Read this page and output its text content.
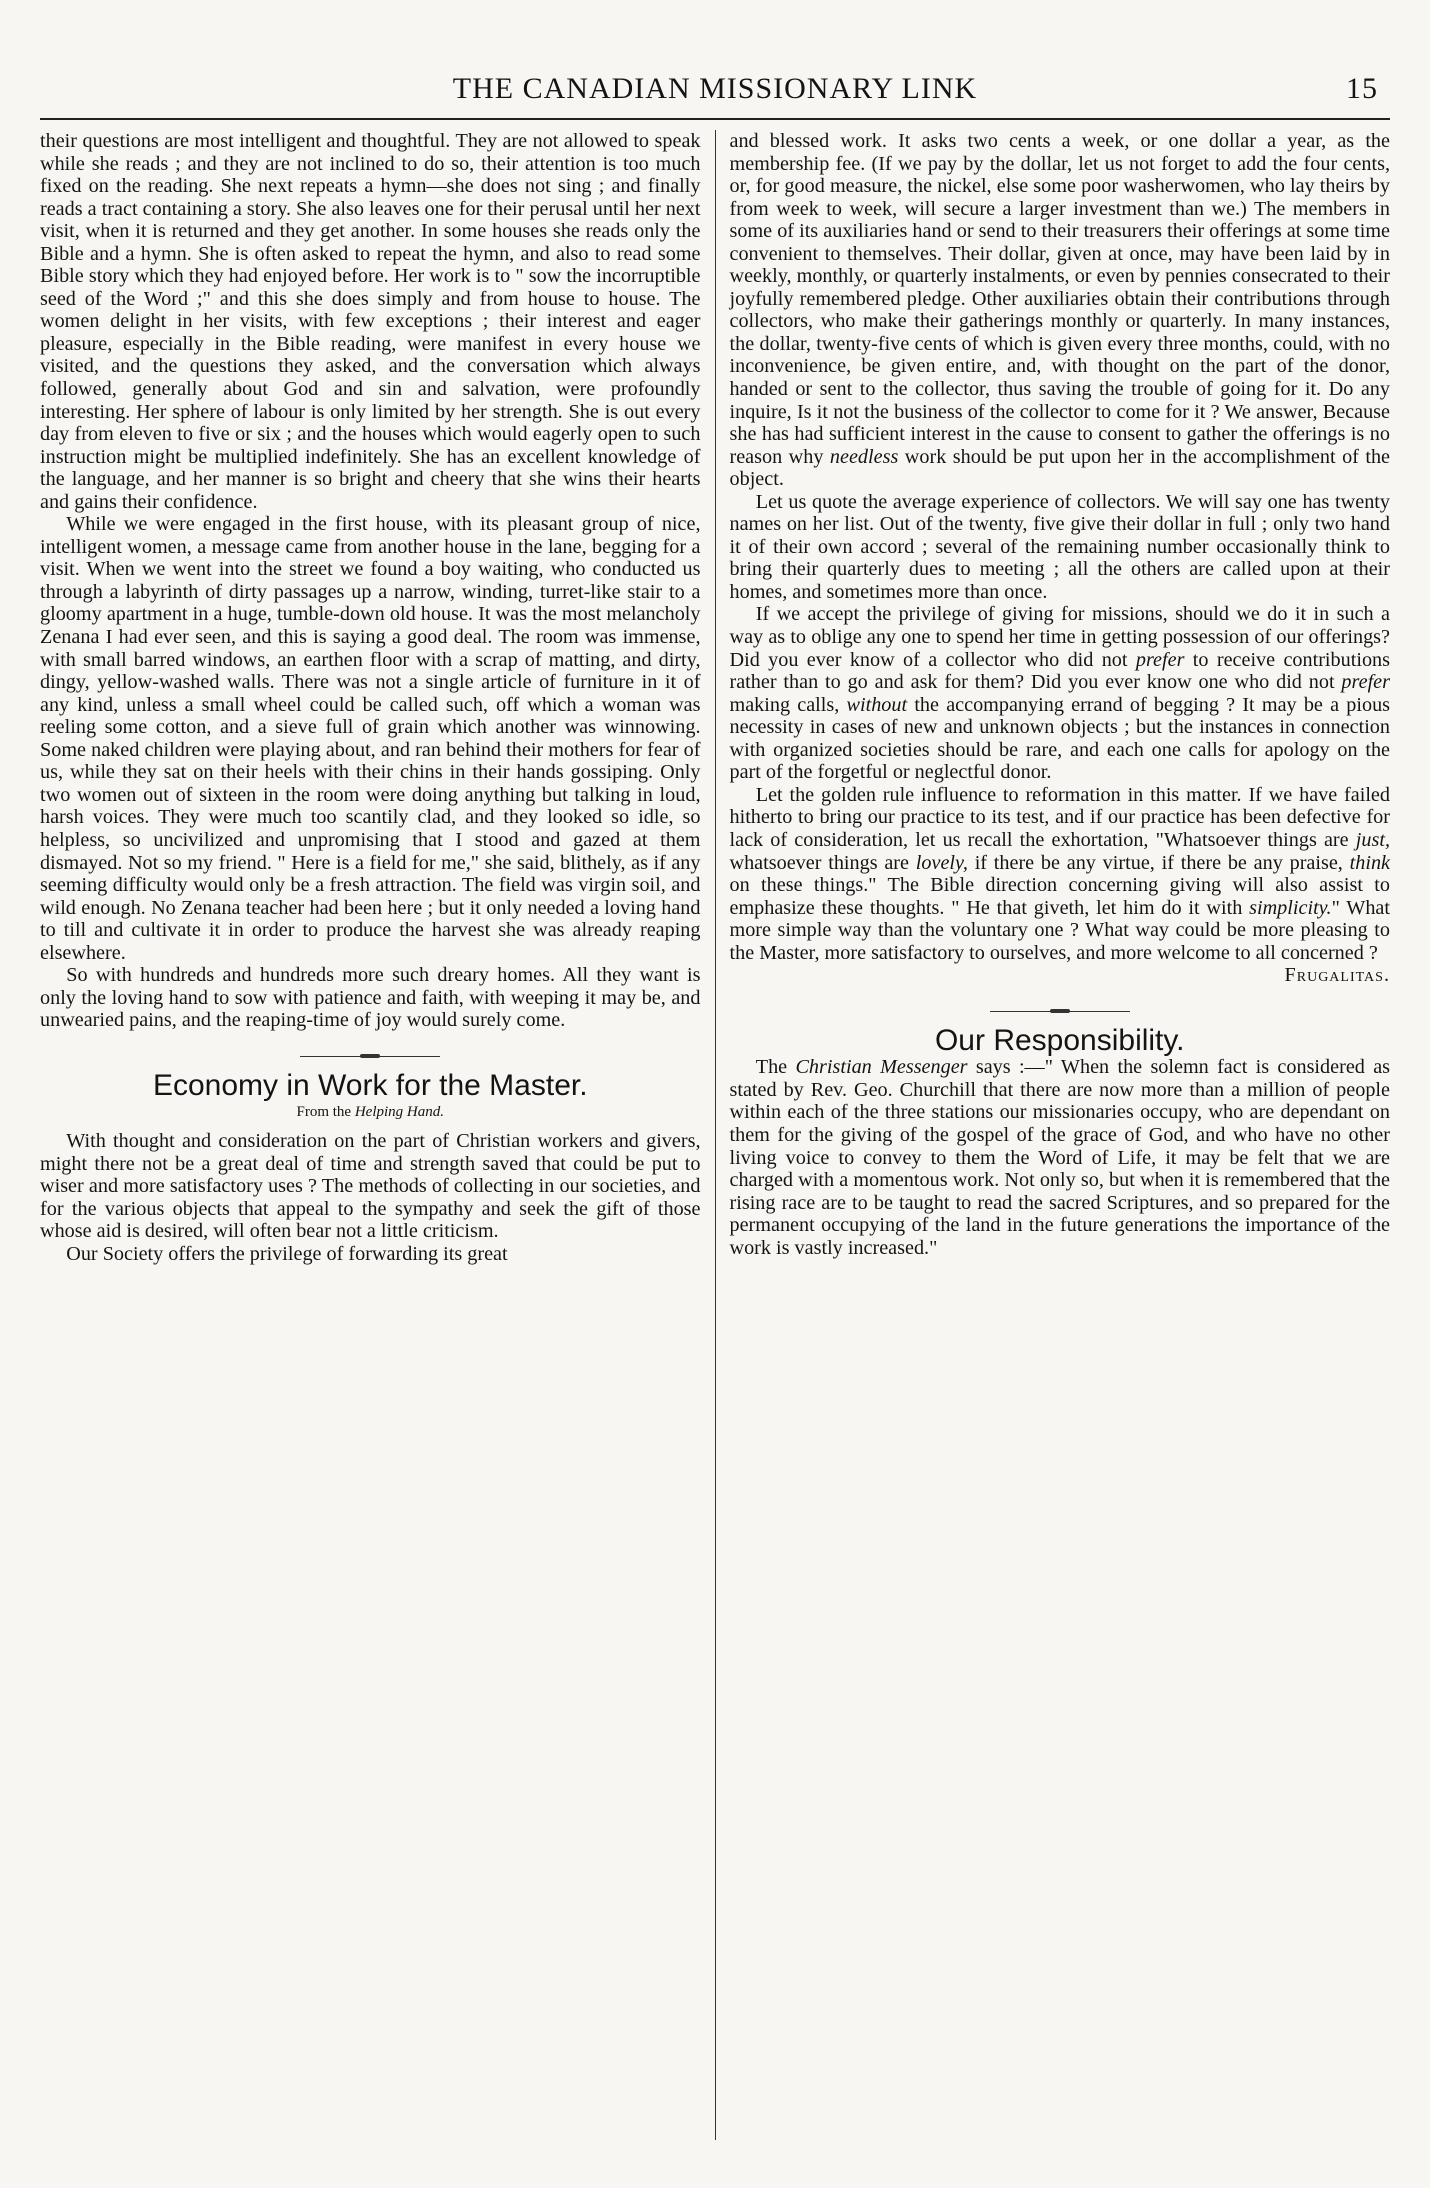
THE CANADIAN MISSIONARY LINK	15

their questions are most intelligent and thoughtful. They are not allowed to speak while she reads ; and they are not inclined to do so, their attention is too much fixed on the reading. She next repeats a hymn—she does not sing ; and finally reads a tract containing a story. She also leaves one for their perusal until her next visit, when it is returned and they get another. In some houses she reads only the Bible and a hymn. She is often asked to repeat the hymn, and also to read some Bible story which they had enjoyed before. Her work is to " sow the incorruptible seed of the Word ;" and this she does simply and from house to house. The women delight in her visits, with few exceptions ; their interest and eager pleasure, especially in the Bible reading, were manifest in every house we visited, and the questions they asked, and the conversation which always followed, generally about God and sin and salvation, were profoundly interesting. Her sphere of labour is only limited by her strength. She is out every day from eleven to five or six ; and the houses which would eagerly open to such instruction might be multiplied indefinitely. She has an excellent knowledge of the language, and her manner is so bright and cheery that she wins their hearts and gains their confidence.

While we were engaged in the first house, with its pleasant group of nice, intelligent women, a message came from another house in the lane, begging for a visit. When we went into the street we found a boy waiting, who conducted us through a labyrinth of dirty passages up a narrow, winding, turret-like stair to a gloomy apartment in a huge, tumble-down old house. It was the most melancholy Zenana I had ever seen, and this is saying a good deal. The room was immense, with small barred windows, an earthen floor with a scrap of matting, and dirty, dingy, yellow-washed walls. There was not a single article of furniture in it of any kind, unless a small wheel could be called such, off which a woman was reeling some cotton, and a sieve full of grain which another was winnowing. Some naked children were playing about, and ran behind their mothers for fear of us, while they sat on their heels with their chins in their hands gossiping. Only two women out of sixteen in the room were doing anything but talking in loud, harsh voices. They were much too scantily clad, and they looked so idle, so helpless, so uncivilized and unpromising that I stood and gazed at them dismayed. Not so my friend. " Here is a field for me," she said, blithely, as if any seeming difficulty would only be a fresh attraction. The field was virgin soil, and wild enough. No Zenana teacher had been here ; but it only needed a loving hand to till and cultivate it in order to produce the harvest she was already reaping elsewhere.

So with hundreds and hundreds more such dreary homes. All they want is only the loving hand to sow with patience and faith, with weeping it may be, and unwearied pains, and the reaping-time of joy would surely come.

Economy in Work for the Master.
From the Helping Hand.

With thought and consideration on the part of Christian workers and givers, might there not be a great deal of time and strength saved that could be put to wiser and more satisfactory uses ? The methods of collecting in our societies, and for the various objects that appeal to the sympathy and seek the gift of those whose aid is desired, will often bear not a little criticism.

Our Society offers the privilege of forwarding its great

and blessed work. It asks two cents a week, or one dollar a year, as the membership fee. (If we pay by the dollar, let us not forget to add the four cents, or, for good measure, the nickel, else some poor washerwomen, who lay theirs by from week to week, will secure a larger investment than we.) The members in some of its auxiliaries hand or send to their treasurers their offerings at some time convenient to themselves. Their dollar, given at once, may have been laid by in weekly, monthly, or quarterly instalments, or even by pennies consecrated to their joyfully remembered pledge. Other auxiliaries obtain their contributions through collectors, who make their gatherings monthly or quarterly. In many instances, the dollar, twenty-five cents of which is given every three months, could, with no inconvenience, be given entire, and, with thought on the part of the donor, handed or sent to the collector, thus saving the trouble of going for it. Do any inquire, Is it not the business of the collector to come for it ? We answer, Because she has had sufficient interest in the cause to consent to gather the offerings is no reason why needless work should be put upon her in the accomplishment of the object.

Let us quote the average experience of collectors. We will say one has twenty names on her list. Out of the twenty, five give their dollar in full ; only two hand it of their own accord ; several of the remaining number occasionally think to bring their quarterly dues to meeting ; all the others are called upon at their homes, and sometimes more than once.

If we accept the privilege of giving for missions, should we do it in such a way as to oblige any one to spend her time in getting possession of our offerings? Did you ever know of a collector who did not prefer to receive contributions rather than to go and ask for them? Did you ever know one who did not prefer making calls, without the accompanying errand of begging ? It may be a pious necessity in cases of new and unknown objects ; but the instances in connection with organized societies should be rare, and each one calls for apology on the part of the forgetful or neglectful donor.

Let the golden rule influence to reformation in this matter. If we have failed hitherto to bring our practice to its test, and if our practice has been defective for lack of consideration, let us recall the exhortation, "Whatsoever things are just, whatsoever things are lovely, if there be any virtue, if there be any praise, think on these things." The Bible direction concerning giving will also assist to emphasize these thoughts. " He that giveth, let him do it with simplicity." What more simple way than the voluntary one ? What way could be more pleasing to the Master, more satisfactory to ourselves, and more welcome to all concerned ?

Frugalitas.

Our Responsibility.

The Christian Messenger says :—" When the solemn fact is considered as stated by Rev. Geo. Churchill that there are now more than a million of people within each of the three stations our missionaries occupy, who are dependant on them for the giving of the gospel of the grace of God, and who have no other living voice to convey to them the Word of Life, it may be felt that we are charged with a momentous work. Not only so, but when it is remembered that the rising race are to be taught to read the sacred Scriptures, and so prepared for the permanent occupying of the land in the future generations the importance of the work is vastly increased."
